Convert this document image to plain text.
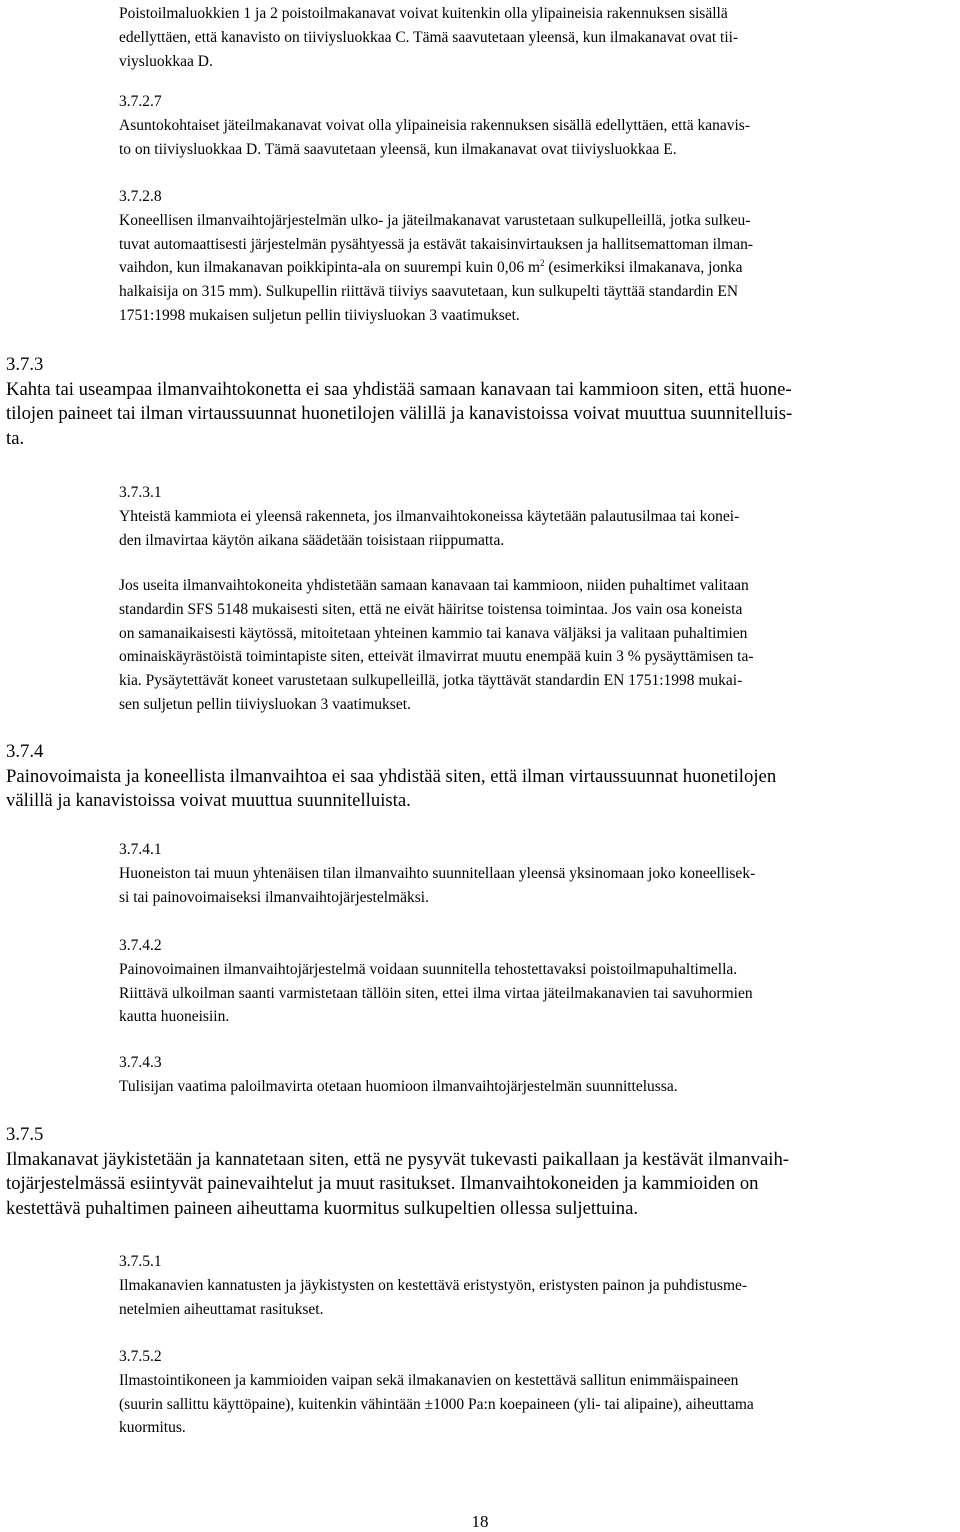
Poistoilmaluokkien 1 ja 2 poistoilmakanavat voivat kuitenkin olla ylipaineisia rakennuksen sisällä

edellyttäen, että kanavisto on tiiviysluokkaa C. Tämä saavutetaan yleensä, kun ilmakanavat ovat tii-

viysluokkaa D.

3.7.2.7

Asuntokohtaiset jäteilmakanavat voivat olla ylipaineisia rakennuksen sisällä edellyttäen, että kanavis-

to on tiiviysluokkaa D. Tämä saavutetaan yleensä, kun ilmakanavat ovat tiiviysluokkaa E.

3.7.2.8

Koneellisen ilmanvaihtojärjestelmän ulko- ja jäteilmakanavat varustetaan sulkupelleillä, jotka sulkeu-

tuvat automaattisesti järjestelmän pysähtyessä ja estävät takaisinvirtauksen ja hallitsemattoman ilman-

vaihdon, kun ilmakanavan poikkipinta-ala on suurempi kuin 0,06 $m^2$ (esimerkiksi ilmakanava, jonka

halkaisija on 315 mm). Sulkupellin riittävä tiiviys saavutetaan, kun sulkupelti täyttää standardin EN

1751:1998 mukaisen suljetun pellin tiiviysluokan 3 vaatimukset.

3.7.3

Kahta tai useampaa ilmanvaihtokonetta ei saa yhdistää samaan kanavaan tai kammioon siten, että huone-

tilojen paineet tai ilman virtaussuunnat huonetilojen välillä ja kanavistoissa voivat muuttua suunnitelluis-

ta.

3.7.3.1

Yhteistä kammiota ei yleensä rakenneta, jos ilmanvaihtokoneissa käytetään palautusilmaa tai konei-

den ilmavirtaa käytön aikana säädetään toisistaan riippumatta.

Jos useita ilmanvaihtokoneita yhdistetään samaan kanavaan tai kammioon, niiden puhaltimet valitaan

standardin SFS 5148 mukaisesti siten, että ne eivät häiritse toistensa toimintaa. Jos vain osa koneista

on samanaikaisesti käytössä, mitoitetaan yhteinen kammio tai kanava väljäksi ja valitaan puhaltimien

ominaiskäyrästöistä toimintapiste siten, etteivät ilmavirrat muutu enempää kuin 3 % pysäyttämisen ta-

kia. Pysäytettävät koneet varustetaan sulkupelleillä, jotka täyttävät standardin EN 1751:1998 mukai-

sen suljetun pellin tiiviysluokan 3 vaatimukset.

3.7.4

Painovoimaista ja koneellista ilmanvaihtoa ei saa yhdistää siten, että ilman virtaussuunnat huonetilojen

välillä ja kanavistoissa voivat muuttua suunnitelluista.

3.7.4.1

Huoneiston tai muun yhtenäisen tilan ilmanvaihto suunnitellaan yleensä yksinomaan joko koneellisek-

si tai painovoimaiseksi ilmanvaihtojärjestelmäksi.

3.7.4.2

Painovoimainen ilmanvaihtojärjestelmä voidaan suunnitella tehostettavaksi poistoilmapuhaltimella.

Riittävä ulkoilman saanti varmistetaan tällöin siten, ettei ilma virtaa jäteilmakanavien tai savuhormien

kautta huoneisiin.

3.7.4.3

Tulisijan vaatima paloilmavirta otetaan huomioon ilmanvaihtojärjestelmän suunnittelussa.

3.7.5

Ilmakanavat jäykistetään ja kannatetaan siten, että ne pysyvät tukevasti paikallaan ja kestävät ilmanvaih-

tojärjestelmässä esiintyvät painevaihtelut ja muut rasitukset. Ilmanvaihtokoneiden ja kammioiden on

kestettävä puhaltimen paineen aiheuttama kuormitus sulkupeltien ollessa suljettuina.

3.7.5.1

Ilmakanavien kannatusten ja jäykistysten on kestettävä eristystyön, eristysten painon ja puhdistusme-

netelmien aiheuttamat rasitukset.

3.7.5.2

Ilmastointikoneen ja kammioiden vaipan sekä ilmakanavien on kestettävä sallitun enimmäispaineen

(suurin sallittu käyttöpaine), kuitenkin vähintään ±1000 Pa:n koepaineen (yli- tai alipaine), aiheuttama

kuormitus.

18
